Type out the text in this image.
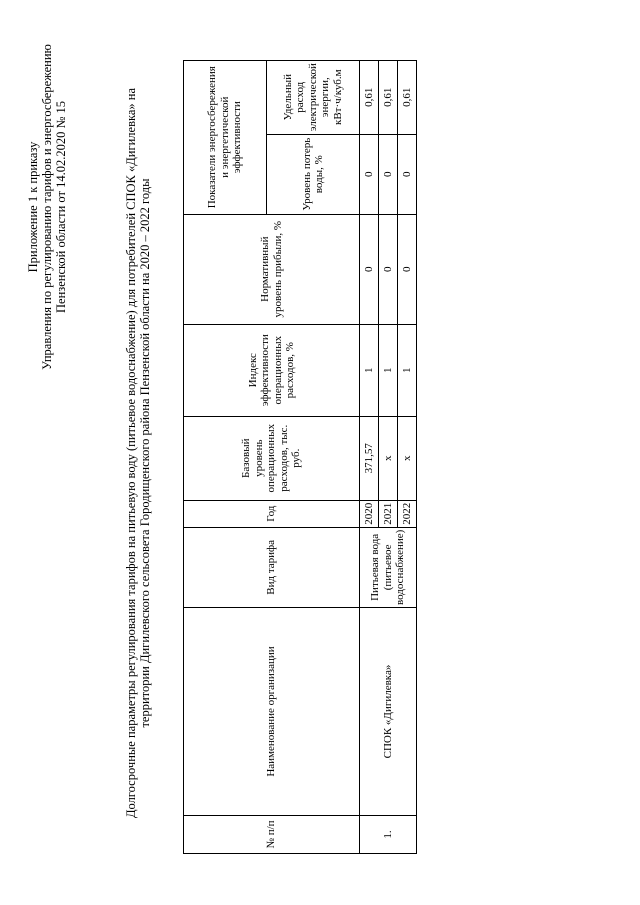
Приложение 1 к приказу Управления по регулированию тарифов и энергосбережению Пензенской области от 14.02.2020 № 15	Долгосрочные параметры регулирования тарифов на питьевую воду (питьевое водоснабжение) для потребителей СПОК «Дигилевка» на территории Дигилевского сельсовета Городищенского района Пензенской области на 2020 – 2022 годы
№ п/п	Наименование организации	Вид тарифа	Год	Базовый уровень операционных расходов, тыс. руб.	Индекс эффективности операционных расходов, %	Нормативный уровень прибыли, %	Показатели энергосбережения и энергетической эффективности	
							Уровень потерь воды, %	Удельный расход электрической энергии, кВт·ч/куб.м
1.	СПОК «Дигилевка»	Питьевая вода (питьевое водоснабжение)	2020	371,57	1	0	0	0,61
			2021	x	1	0	0	0,61
			2022	x	1	0	0	0,61
